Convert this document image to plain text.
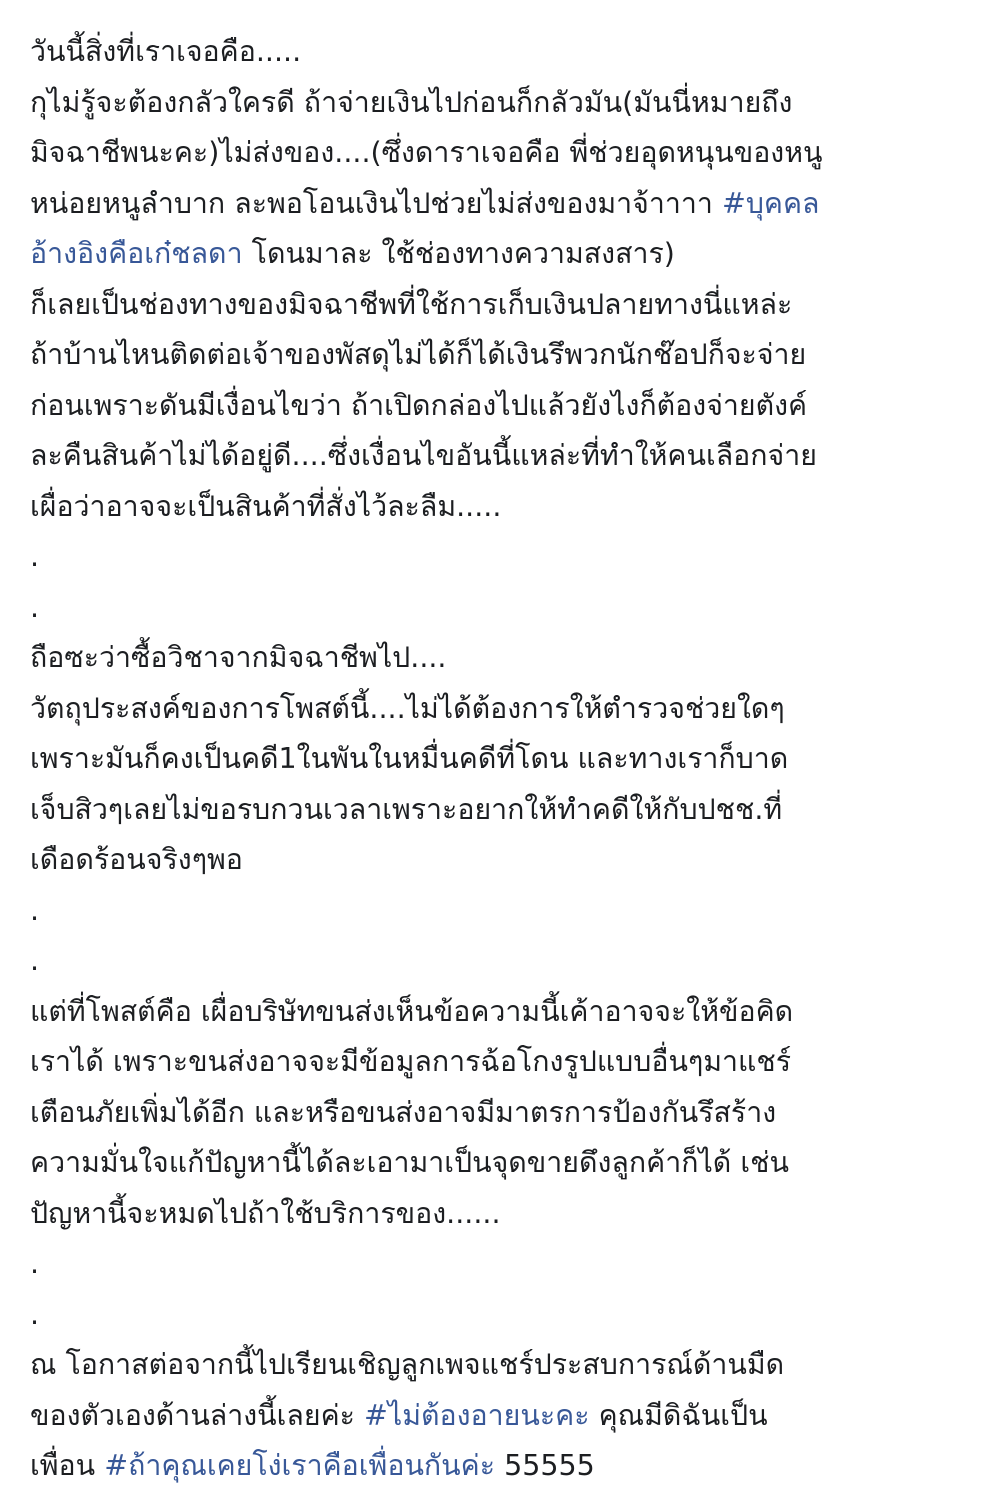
วันนี้สิ่งที่เราเจอคือ.....
กุไม่รู้จะต้องกลัวใครดี ถ้าจ่ายเงินไปก่อนก็กลัวมัน(มันนี่หมายถึง
มิจฉาชีพนะคะ)ไม่ส่งของ....(ซึ่งดาราเจอคือ พี่ช่วยอุดหนุนของหนู
หน่อยหนูลำบาก ละพอโอนเงินไปช่วยไม่ส่งของมาจ้าาาา #บุคคล
อ้างอิงคือเก๋ชลดา โดนมาละ ใช้ช่องทางความสงสาร)
ก็เลยเป็นช่องทางของมิจฉาชีพที่ใช้การเก็บเงินปลายทางนี่แหล่ะ
ถ้าบ้านไหนติดต่อเจ้าของพัสดุไม่ได้ก็ได้เงินรึพวกนักช๊อปก็จะจ่าย
ก่อนเพราะดันมีเงื่อนไขว่า ถ้าเปิดกล่องไปแล้วยังไงก็ต้องจ่ายตังค์
ละคืนสินค้าไม่ได้อยู่ดี....ซึ่งเงื่อนไขอันนี้แหล่ะที่ทำให้คนเลือกจ่าย
เผื่อว่าอาจจะเป็นสินค้าที่สั่งไว้ละลืม.....
.
.
ถือซะว่าซื้อวิชาจากมิจฉาชีพไป....
วัตถุประสงค์ของการโพสต์นี้....ไม่ได้ต้องการให้ตำรวจช่วยใดๆ
เพราะมันก็คงเป็นคดี1ในพันในหมื่นคดีที่โดน และทางเราก็บาด
เจ็บสิวๆเลยไม่ขอรบกวนเวลาเพราะอยากให้ทำคดีให้กับปชช.ที่
เดือดร้อนจริงๆพอ
.
.
แต่ที่โพสต์คือ เผื่อบริษัทขนส่งเห็นข้อความนี้เค้าอาจจะให้ข้อคิด
เราได้ เพราะขนส่งอาจจะมีข้อมูลการฉ้อโกงรูปแบบอื่นๆมาแชร์
เตือนภัยเพิ่มได้อีก และหรือขนส่งอาจมีมาตรการป้องกันรึสร้าง
ความมั่นใจแก้ปัญหานี้ได้ละเอามาเป็นจุดขายดึงลูกค้าก็ได้ เช่น
ปัญหานี้จะหมดไปถ้าใช้บริการของ......
.
.
ณ โอกาสต่อจากนี้ไปเรียนเชิญลูกเพจแชร์ประสบการณ์ด้านมืด
ของตัวเองด้านล่างนี้เลยค่ะ #ไม่ต้องอายนะคะ คุณมีดิฉันเป็น
เพื่อน #ถ้าคุณเคยโง่เราคือเพื่อนกันค่ะ 55555
